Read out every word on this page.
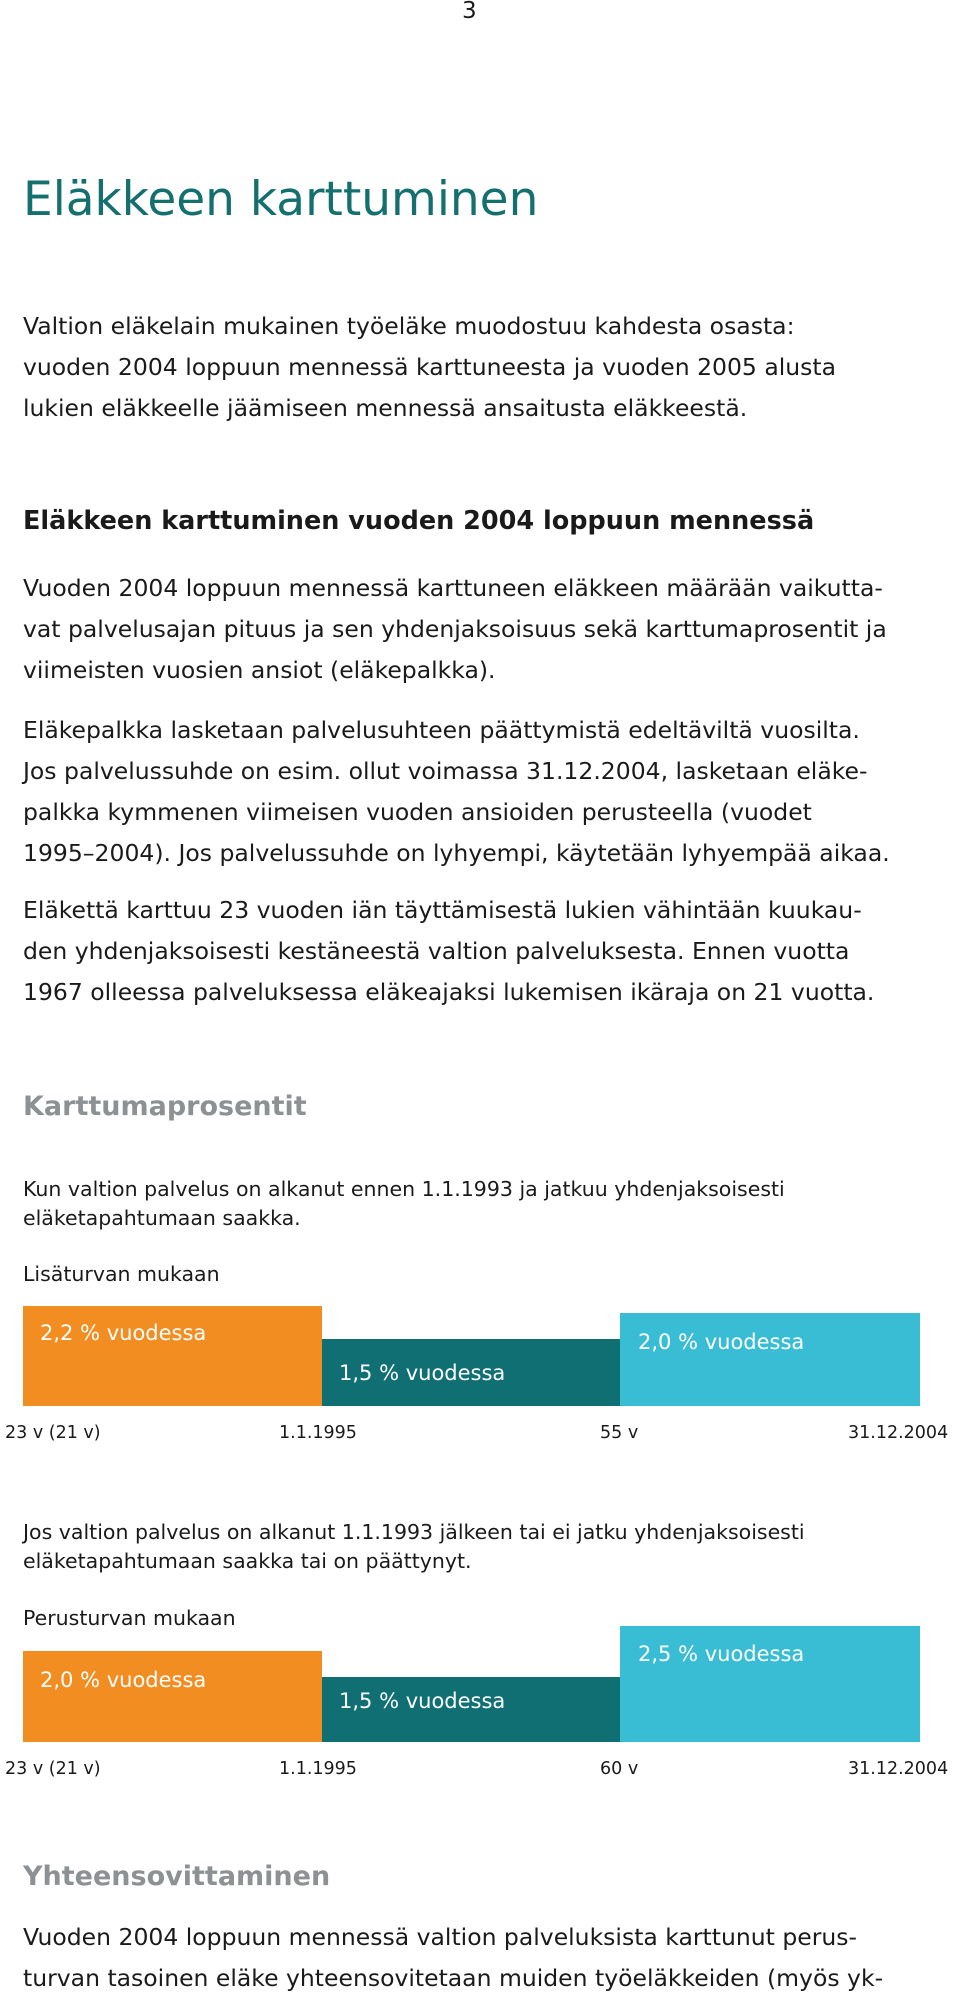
3
Eläkkeen karttuminen

Valtion eläkelain mukainen työeläke muodostuu kahdesta osasta:
vuoden 2004 loppuun mennessä karttuneesta ja vuoden 2005 alusta
lukien eläkkeelle jäämiseen mennessä ansaitusta eläkkeestä.

Eläkkeen karttuminen vuoden 2004 loppuun mennessä

Vuoden 2004 loppuun mennessä karttuneen eläkkeen määrään vaikutta-
vat palvelusajan pituus ja sen yhdenjaksoisuus sekä karttumaprosentit ja
viimeisten vuosien ansiot (eläkepalkka).

Eläkepalkka lasketaan palvelusuhteen päättymistä edeltäviltä vuosilta.
Jos palvelussuhde on esim. ollut voimassa 31.12.2004, lasketaan eläke-
palkka kymmenen viimeisen vuoden ansioiden perusteella (vuodet
1995–2004). Jos palvelussuhde on lyhyempi, käytetään lyhyempää aikaa.

Eläkettä karttuu 23 vuoden iän täyttämisestä lukien vähintään kuukau-
den yhdenjaksoisesti kestäneestä valtion palveluksesta. Ennen vuotta
1967 olleessa palveluksessa eläkeajaksi lukemisen ikäraja on 21 vuotta.

Karttumaprosentit

Kun valtion palvelus on alkanut ennen 1.1.1993 ja jatkuu yhdenjaksoisesti
eläketapahtumaan saakka.

Lisäturvan mukaan
2,2 % vuodessa
1,5 % vuodessa
2,0 % vuodessa
23 v (21 v)	1.1.1995	55 v	31.12.2004

Jos valtion palvelus on alkanut 1.1.1993 jälkeen tai ei jatku yhdenjaksoisesti
eläketapahtumaan saakka tai on päättynyt.

Perusturvan mukaan
2,0 % vuodessa
1,5 % vuodessa
2,5 % vuodessa
23 v (21 v)	1.1.1995	60 v	31.12.2004
Yhteensovittaminen

Vuoden 2004 loppuun mennessä valtion palveluksista karttunut perus-
turvan tasoinen eläke yhteensovitetaan muiden työeläkkeiden (myös yk-
